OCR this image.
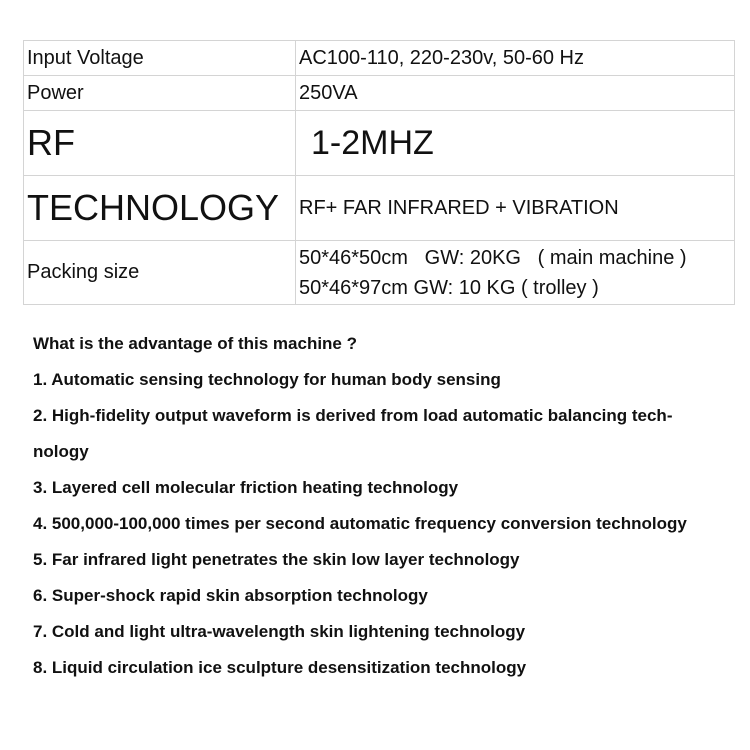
Input Voltage	AC100-110, 220-230v, 50-60 Hz
Power	250VA
RF	1-2MHZ
TECHNOLOGY	RF+ FAR INFRARED + VIBRATION
Packing size	50*46*50cm   GW: 20KG   ( main machine )
50*46*97cm GW: 10 KG ( trolley )
What is the advantage of this machine ?
1. Automatic sensing technology for human body sensing
2. High-fidelity output waveform is derived from load automatic balancing tech-
nology
3. Layered cell molecular friction heating technology
4. 500,000-100,000 times per second automatic frequency conversion technology
5. Far infrared light penetrates the skin low layer technology
6. Super-shock rapid skin absorption technology
7. Cold and light ultra-wavelength skin lightening technology
8. Liquid circulation ice sculpture desensitization technology
